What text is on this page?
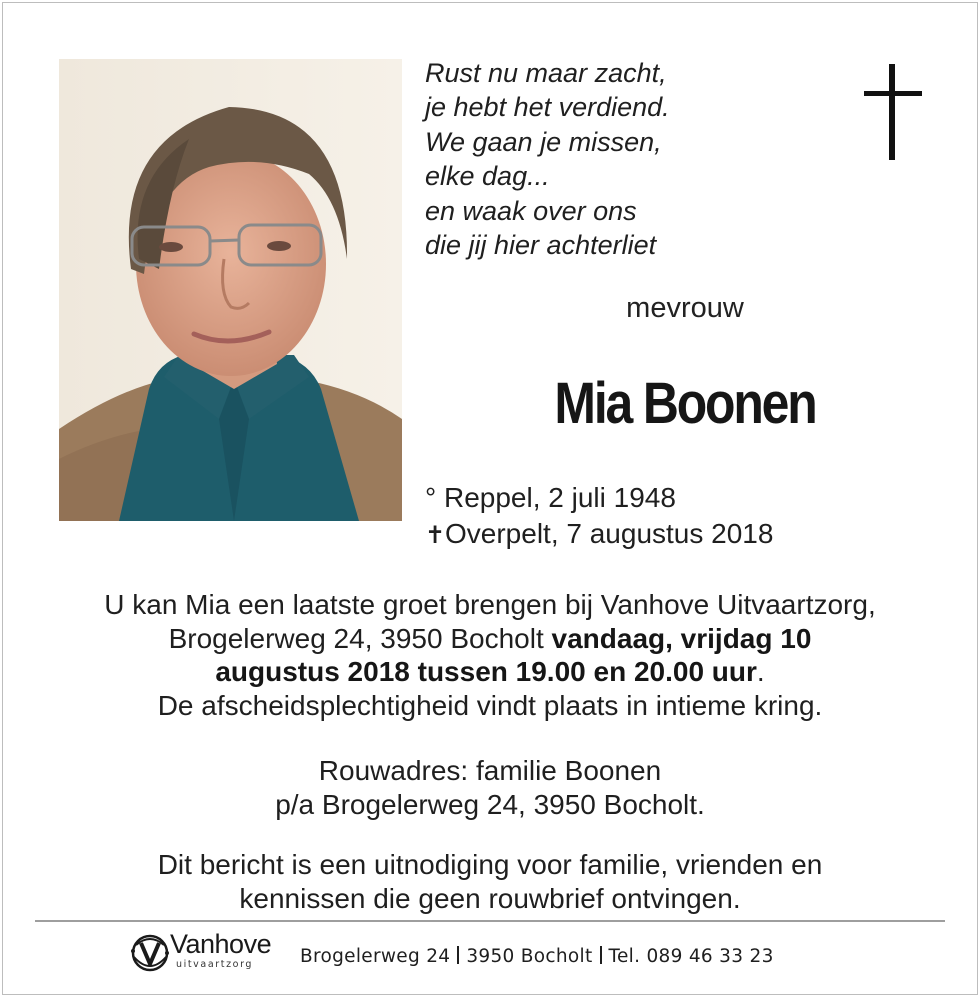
Rust nu maar zacht,
je hebt het verdiend.
We gaan je missen,
elke dag...
en waak over ons
die jij hier achterliet
mevrouw
Mia Boonen
° Reppel, 2 juli 1948
✝Overpelt, 7 augustus 2018
U kan Mia een laatste groet brengen bij Vanhove Uitvaartzorg,
Brogelerweg 24, 3950 Bocholt vandaag, vrijdag 10
augustus 2018 tussen 19.00 en 20.00 uur.
De afscheidsplechtigheid vindt plaats in intieme kring.
Rouwadres: familie Boonen
p/a Brogelerweg 24, 3950 Bocholt.
Dit bericht is een uitnodiging voor familie, vrienden en
kennissen die geen rouwbrief ontvingen.
Vanhove
uitvaartzorg	Brogelerweg 24 3950 Bocholt Tel. 089 46 33 23
